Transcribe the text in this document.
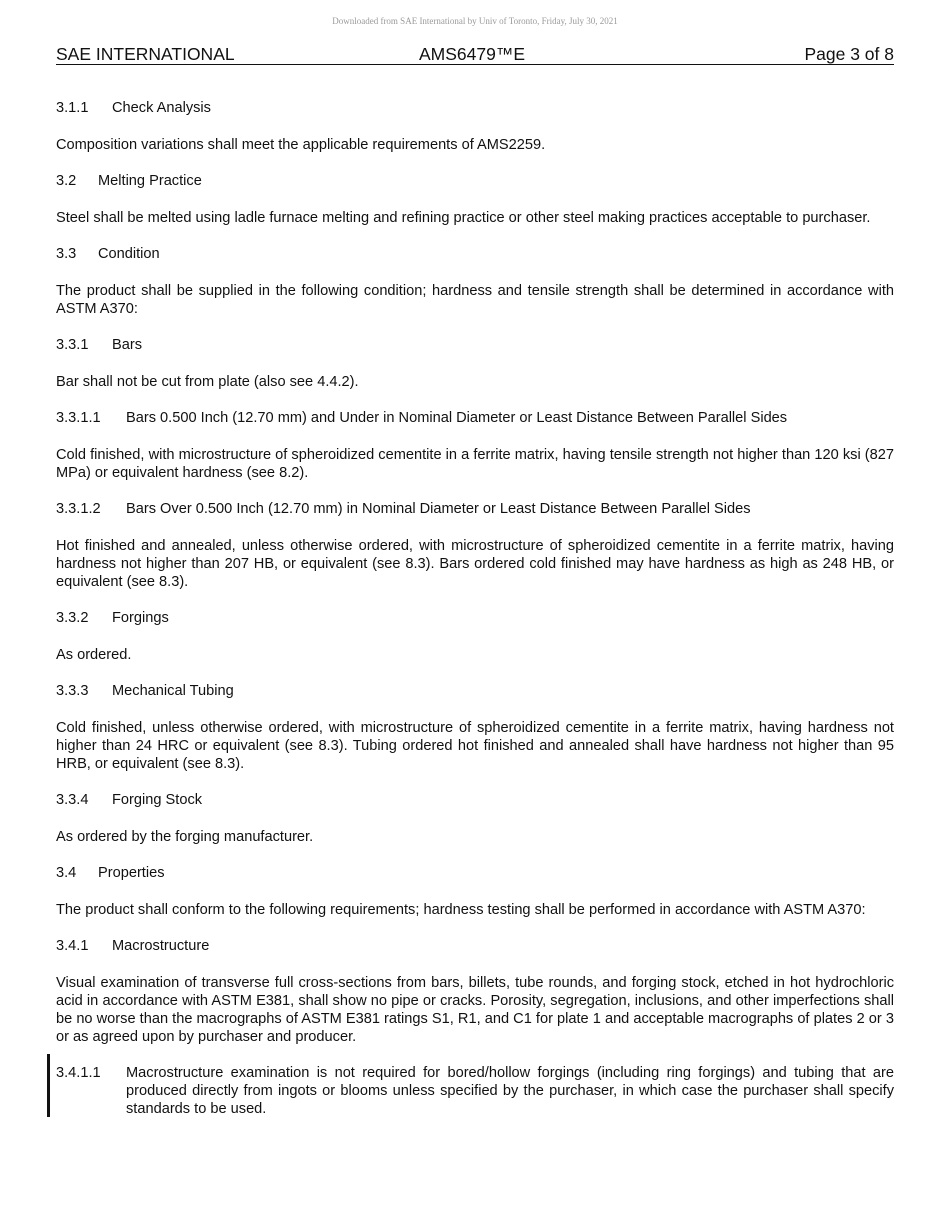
Downloaded from SAE International by Univ of Toronto, Friday, July 30, 2021
SAE INTERNATIONAL	AMS6479™E	Page 3 of 8
3.1.1 Check Analysis

Composition variations shall meet the applicable requirements of AMS2259.

3.2 Melting Practice

Steel shall be melted using ladle furnace melting and refining practice or other steel making practices acceptable to purchaser.

3.3 Condition

The product shall be supplied in the following condition; hardness and tensile strength shall be determined in accordance with ASTM A370:

3.3.1 Bars

Bar shall not be cut from plate (also see 4.4.2).

3.3.1.1 Bars 0.500 Inch (12.70 mm) and Under in Nominal Diameter or Least Distance Between Parallel Sides

Cold finished, with microstructure of spheroidized cementite in a ferrite matrix, having tensile strength not higher than 120 ksi (827 MPa) or equivalent hardness (see 8.2).

3.3.1.2 Bars Over 0.500 Inch (12.70 mm) in Nominal Diameter or Least Distance Between Parallel Sides

Hot finished and annealed, unless otherwise ordered, with microstructure of spheroidized cementite in a ferrite matrix, having hardness not higher than 207 HB, or equivalent (see 8.3). Bars ordered cold finished may have hardness as high as 248 HB, or equivalent (see 8.3).

3.3.2 Forgings

As ordered.

3.3.3 Mechanical Tubing

Cold finished, unless otherwise ordered, with microstructure of spheroidized cementite in a ferrite matrix, having hardness not higher than 24 HRC or equivalent (see 8.3). Tubing ordered hot finished and annealed shall have hardness not higher than 95 HRB, or equivalent (see 8.3).

3.3.4 Forging Stock

As ordered by the forging manufacturer.

3.4 Properties

The product shall conform to the following requirements; hardness testing shall be performed in accordance with ASTM A370:

3.4.1 Macrostructure

Visual examination of transverse full cross-sections from bars, billets, tube rounds, and forging stock, etched in hot hydrochloric acid in accordance with ASTM E381, shall show no pipe or cracks. Porosity, segregation, inclusions, and other imperfections shall be no worse than the macrographs of ASTM E381 ratings S1, R1, and C1 for plate 1 and acceptable macrographs of plates 2 or 3 or as agreed upon by purchaser and producer.

3.4.1.1	Macrostructure examination is not required for bored/hollow forgings (including ring forgings) and tubing that are produced directly from ingots or blooms unless specified by the purchaser, in which case the purchaser shall specify standards to be used.
